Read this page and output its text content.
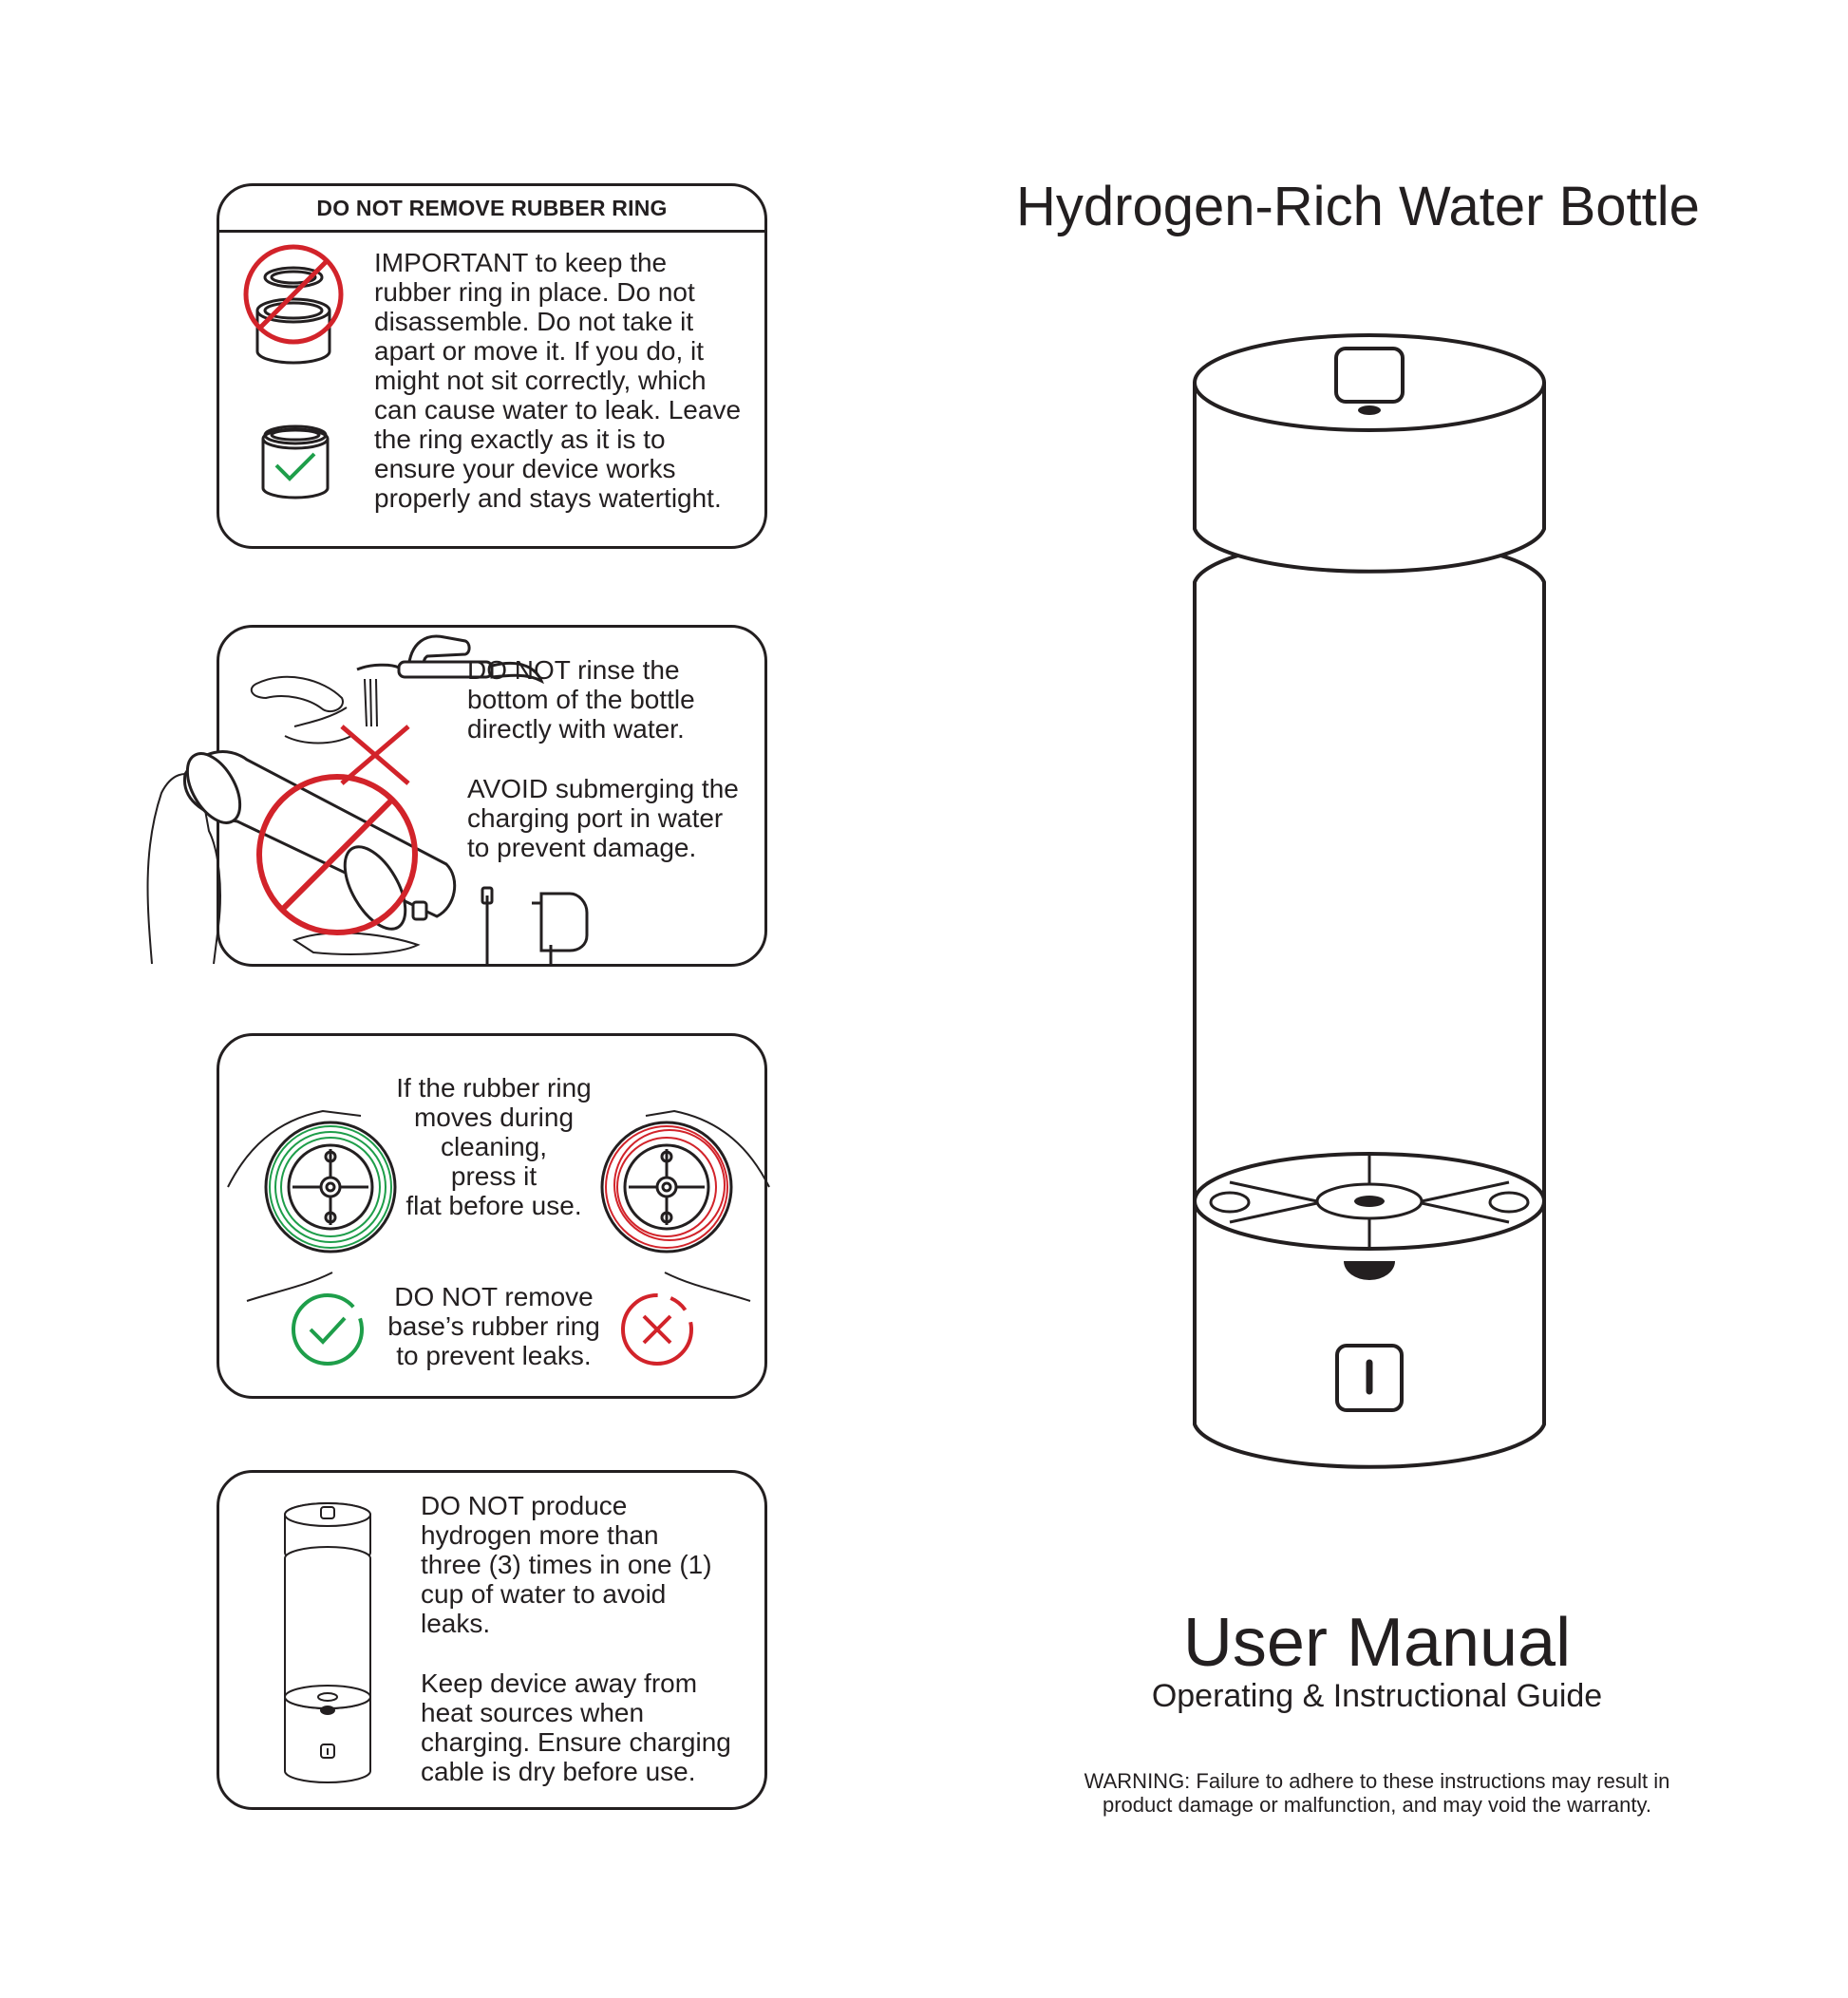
DO NOT REMOVE RUBBER RING
IMPORTANT to keep the
rubber ring in place. Do not
disassemble. Do not take it
apart or move it. If you do, it
might not sit correctly, which
can cause water to leak. Leave
the ring exactly as it is to
ensure your device works
properly and stays watertight.
DO NOT rinse the
bottom of the bottle
directly with water.
AVOID submerging the
charging port in water
to prevent damage.
If the rubber ring
moves during
cleaning,
press it
flat before use.
DO NOT remove
base’s rubber ring
to prevent leaks.
DO NOT produce
hydrogen more than
three (3) times in one (1)
cup of water to avoid
leaks.
Keep device away from
heat sources when
charging. Ensure charging
cable is dry before use.
Hydrogen-Rich Water Bottle
User Manual
Operating & Instructional Guide
WARNING: Failure to adhere to these instructions may result in
product damage or malfunction, and may void the warranty.
